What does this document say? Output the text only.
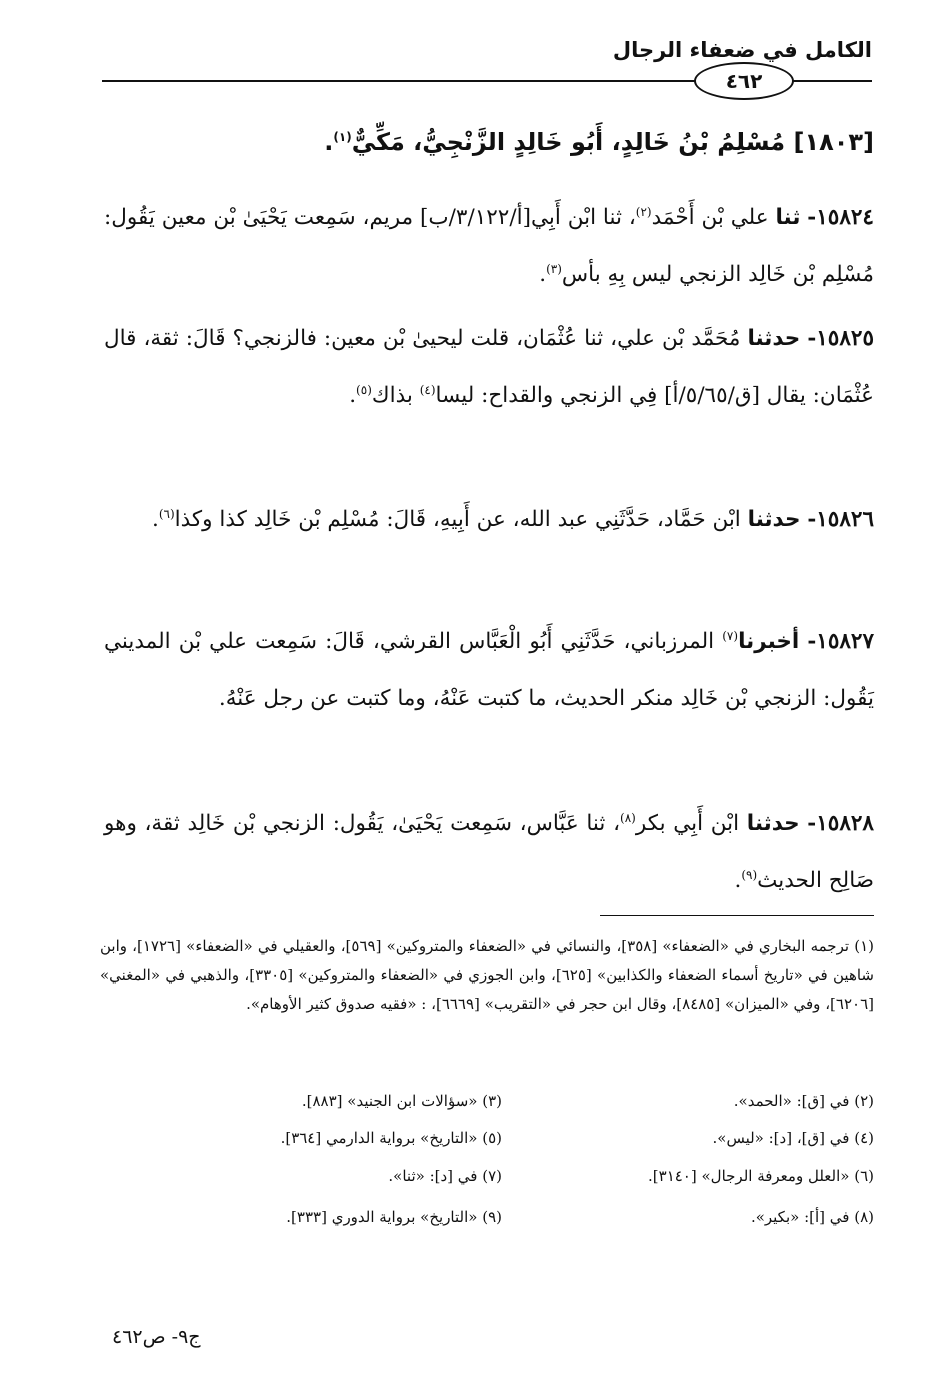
الكامل في ضعفاء الرجال
٤٦٢
[١٨٠٣] مُسْلِمُ بْنُ خَالِدٍ، أَبُو خَالِدٍ الزَّنْجِيُّ، مَكِّيٌّ$^{(١)}$.
١٥٨٢٤- ثنا علي بْن أَحْمَد$^{(٢)}$، ثنا ابْن أَبِي[أ/٣/١٢٢/ب] مريم، سَمِعت يَحْيَىٰ بْن معين يَقُول: مُسْلِم بْن خَالِد الزنجي ليس بِهِ بأس$^{(٣)}$.
١٥٨٢٥- حدثنا مُحَمَّد بْن علي، ثنا عُثْمَان، قلت ليحيىٰ بْن معين: فالزنجي؟ قَالَ: ثقة، قال عُثْمَان: يقال [ق/٥/٦٥/أ] فِي الزنجي والقداح: ليسا$^{(٤)}$ بذاك$^{(٥)}$.
١٥٨٢٦- حدثنا ابْن حَمَّاد، حَدَّثَنِي عبد الله، عن أَبِيهِ، قَالَ: مُسْلِم بْن خَالِد كذا وكذا$^{(٦)}$.
١٥٨٢٧- أخبرنا$^{(٧)}$ المرزباني، حَدَّثَنِي أَبُو الْعَبَّاس القرشي، قَالَ: سَمِعت علي بْن المديني يَقُول: الزنجي بْن خَالِد منكر الحديث، ما كتبت عَنْهُ، وما كتبت عن رجل عَنْهُ.
١٥٨٢٨- حدثنا ابْن أَبِي بكر$^{(٨)}$، ثنا عَبَّاس، سَمِعت يَحْيَىٰ، يَقُول: الزنجي بْن خَالِد ثقة، وهو صَالِح الحديث$^{(٩)}$.
(١) ترجمه البخاري في «الضعفاء» [٣٥٨]، والنسائي في «الضعفاء والمتروكين» [٥٦٩]، والعقيلي في «الضعفاء» [١٧٢٦]، وابن شاهين في «تاريخ أسماء الضعفاء والكذابين» [٦٢٥]، وابن الجوزي في «الضعفاء والمتروكين» [٣٣٠٥]، والذهبي في «المغني» [٦٢٠٦]، وفي «الميزان» [٨٤٨٥]، وقال ابن حجر في «التقريب» [٦٦٦٩]، : «فقيه صدوق كثير الأوهام».
(٢) في [ق]: «الحمد».
(٣) «سؤالات ابن الجنيد» [٨٨٣].
(٤) في [ق]، [د]: «ليس».
(٥) «التاريخ» برواية الدارمي [٣٦٤].
(٦) «العلل ومعرفة الرجال» [٣١٤٠].
(٧) في [د]: «ثنا».
(٨) في [أ]: «بكير».
(٩) «التاريخ» برواية الدوري [٣٣٣].
ج٩- ص٤٦٢
